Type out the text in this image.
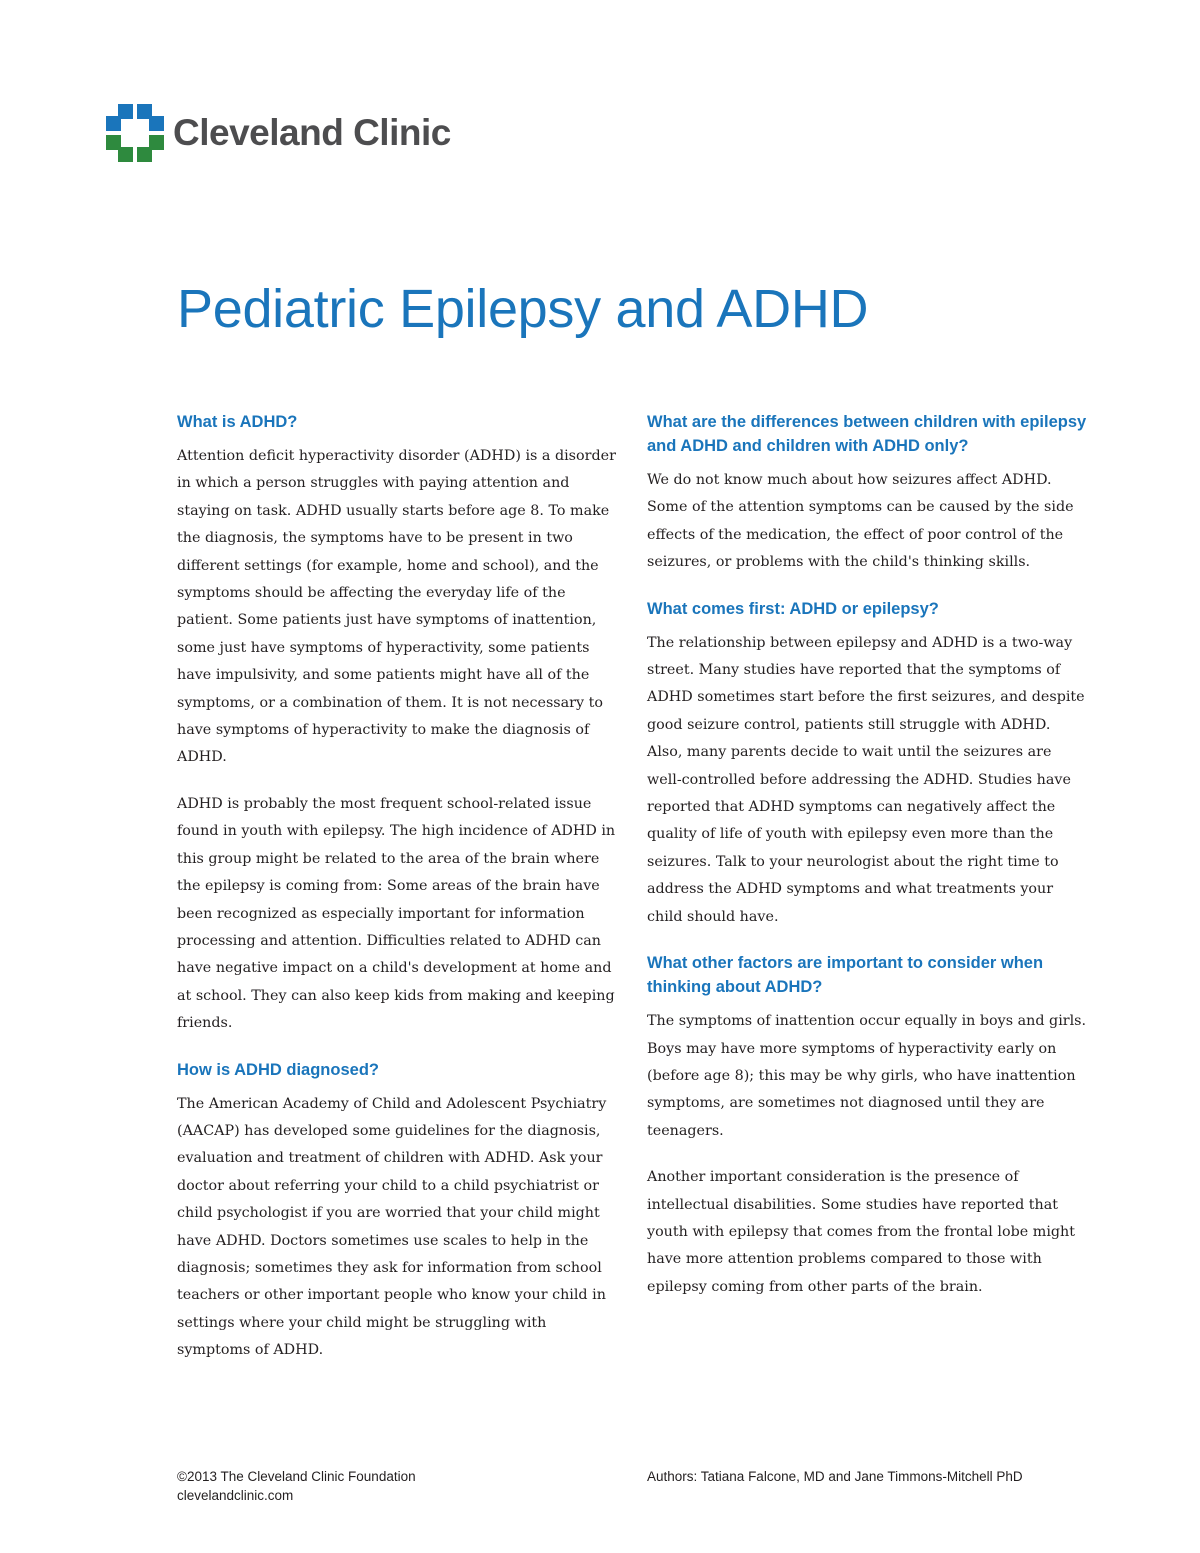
Cleveland Clinic
Pediatric Epilepsy and ADHD
What is ADHD?

Attention deficit hyperactivity disorder (ADHD) is a disorder in which a person struggles with paying attention and staying on task. ADHD usually starts before age 8. To make the diagnosis, the symptoms have to be present in two different settings (for example, home and school), and the symptoms should be affecting the everyday life of the patient. Some patients just have symptoms of inattention, some just have symptoms of hyperactivity, some patients have impulsivity, and some patients might have all of the symptoms, or a combination of them. It is not necessary to have symptoms of hyperactivity to make the diagnosis of ADHD.

ADHD is probably the most frequent school-related issue found in youth with epilepsy. The high incidence of ADHD in this group might be related to the area of the brain where the epilepsy is coming from: Some areas of the brain have been recognized as especially important for information processing and attention. Difficulties related to ADHD can have negative impact on a child's development at home and at school. They can also keep kids from making and keeping friends.

How is ADHD diagnosed?

The American Academy of Child and Adolescent Psychiatry (AACAP) has developed some guidelines for the diagnosis, evaluation and treatment of children with ADHD. Ask your doctor about referring your child to a child psychiatrist or child psychologist if you are worried that your child might have ADHD. Doctors sometimes use scales to help in the diagnosis; sometimes they ask for information from school teachers or other important people who know your child in settings where your child might be struggling with symptoms of ADHD.

What are the differences between children with epilepsy and ADHD and children with ADHD only?

We do not know much about how seizures affect ADHD. Some of the attention symptoms can be caused by the side effects of the medication, the effect of poor control of the seizures, or problems with the child's thinking skills.

What comes first: ADHD or epilepsy?

The relationship between epilepsy and ADHD is a two-way street. Many studies have reported that the symptoms of ADHD sometimes start before the first seizures, and despite good seizure control, patients still struggle with ADHD. Also, many parents decide to wait until the seizures are well-controlled before addressing the ADHD. Studies have reported that ADHD symptoms can negatively affect the quality of life of youth with epilepsy even more than the seizures. Talk to your neurologist about the right time to address the ADHD symptoms and what treatments your child should have.

What other factors are important to consider when thinking about ADHD?

The symptoms of inattention occur equally in boys and girls. Boys may have more symptoms of hyperactivity early on (before age 8); this may be why girls, who have inattention symptoms, are sometimes not diagnosed until they are teenagers.

Another important consideration is the presence of intellectual disabilities. Some studies have reported that youth with epilepsy that comes from the frontal lobe might have more attention problems compared to those with epilepsy coming from other parts of the brain.

©2013 The Cleveland Clinic Foundation
clevelandclinic.com
Authors: Tatiana Falcone, MD and Jane Timmons-Mitchell PhD
